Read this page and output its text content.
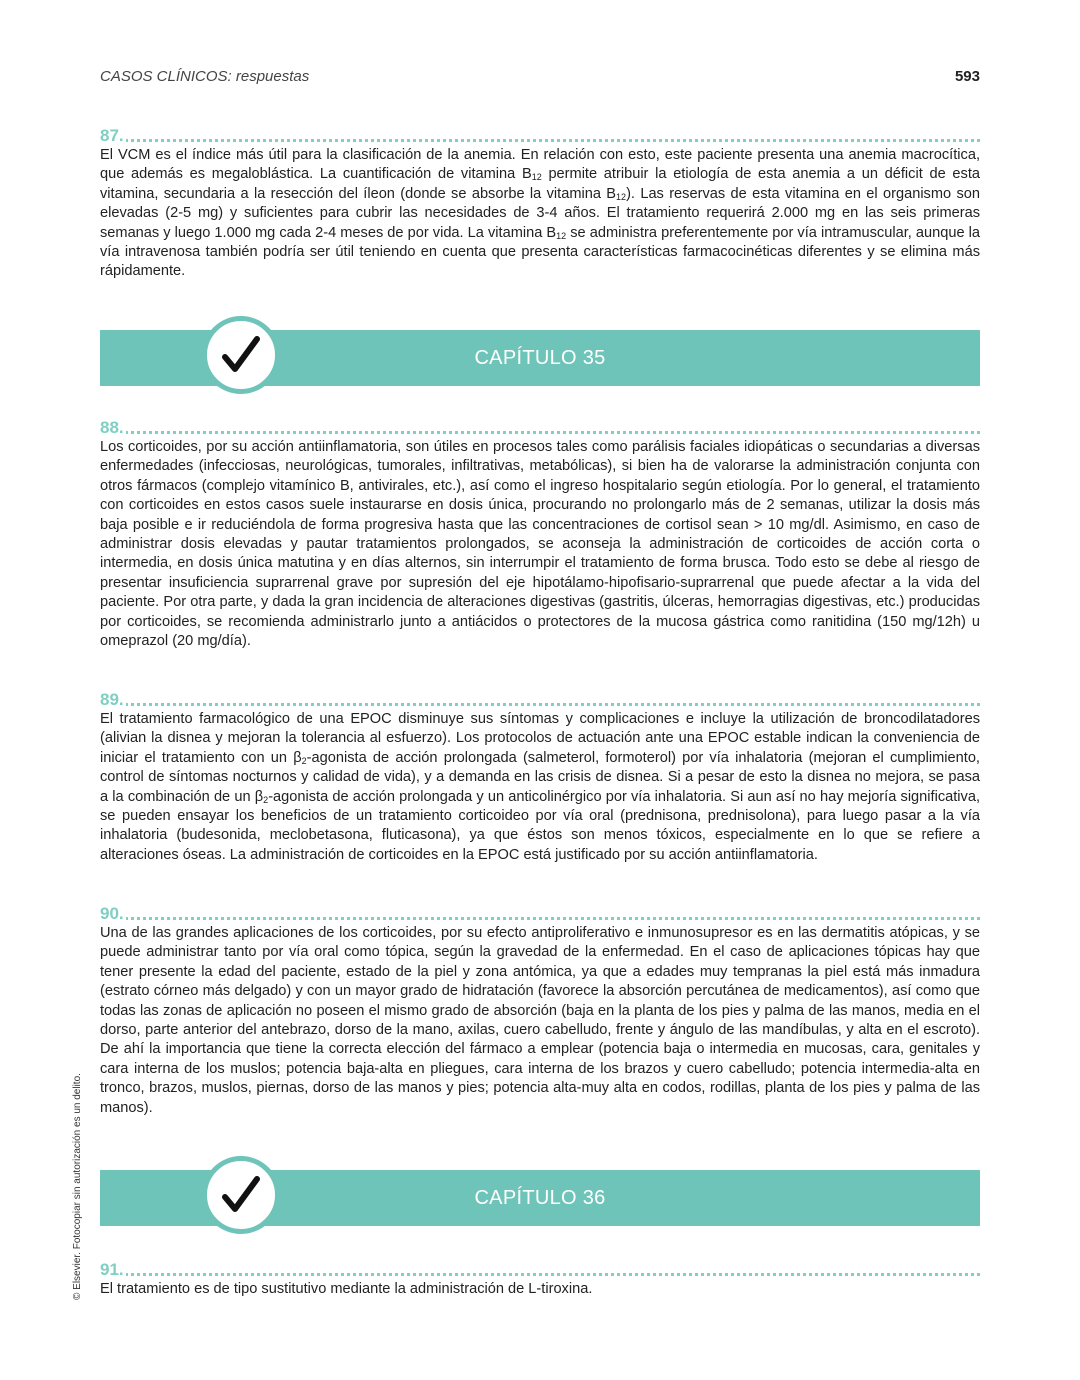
CASOS CLÍNICOS: respuestas	593
87.

El VCM es el índice más útil para la clasificación de la anemia. En relación con esto, este paciente presenta una anemia macrocítica, que además es megaloblástica. La cuantificación de vitamina $B_{12}$ permite atribuir la etiología de esta anemia a un déficit de esta vitamina, secundaria a la resección del íleon (donde se absorbe la vitamina $B_{12}$). Las reservas de esta vitamina en el organismo son elevadas (2-5 mg) y suficientes para cubrir las necesidades de 3-4 años. El tratamiento requerirá 2.000 mg en las seis primeras semanas y luego 1.000 mg cada 2-4 meses de por vida. La vitamina $B_{12}$ se administra preferentemente por vía intramuscular, aunque la vía intravenosa también podría ser útil teniendo en cuenta que presenta características farmacocinéticas diferentes y se elimina más rápidamente.

CAPÍTULO 35
88.

Los corticoides, por su acción antiinflamatoria, son útiles en procesos tales como parálisis faciales idiopáticas o secundarias a diversas enfermedades (infecciosas, neurológicas, tumorales, infiltrativas, metabólicas), si bien ha de valorarse la administración conjunta con otros fármacos (complejo vitamínico B, antivirales, etc.), así como el ingreso hospitalario según etiología. Por lo general, el tratamiento con corticoides en estos casos suele instaurarse en dosis única, procurando no prolongarlo más de 2 semanas, utilizar la dosis más baja posible e ir reduciéndola de forma progresiva hasta que las concentraciones de cortisol sean > 10 mg/dl. Asimismo, en caso de administrar dosis elevadas y pautar tratamientos prolongados, se aconseja la administración de corticoides de acción corta o intermedia, en dosis única matutina y en días alternos, sin interrumpir el tratamiento de forma brusca. Todo esto se debe al riesgo de presentar insuficiencia suprarrenal grave por supresión del eje hipotálamo-hipofisario-suprarrenal que puede afectar a la vida del paciente. Por otra parte, y dada la gran incidencia de alteraciones digestivas (gastritis, úlceras, hemorragias digestivas, etc.) producidas por corticoides, se recomienda administrarlo junto a antiácidos o protectores de la mucosa gástrica como ranitidina (150 mg/12h) u omeprazol (20 mg/día).

89.

El tratamiento farmacológico de una EPOC disminuye sus síntomas y complicaciones e incluye la utilización de broncodilatadores (alivian la disnea y mejoran la tolerancia al esfuerzo). Los protocolos de actuación ante una EPOC estable indican la conveniencia de iniciar el tratamiento con un $\beta_2$-agonista de acción prolongada (salmeterol, formoterol) por vía inhalatoria (mejoran el cumplimiento, control de síntomas nocturnos y calidad de vida), y a demanda en las crisis de disnea. Si a pesar de esto la disnea no mejora, se pasa a la combinación de un $\beta_2$-agonista de acción prolongada y un anticolinérgico por vía inhalatoria. Si aun así no hay mejoría significativa, se pueden ensayar los beneficios de un tratamiento corticoideo por vía oral (prednisona, prednisolona), para luego pasar a la vía inhalatoria (budesonida, meclobetasona, fluticasona), ya que éstos son menos tóxicos, especialmente en lo que se refiere a alteraciones óseas. La administración de corticoides en la EPOC está justificado por su acción antiinflamatoria.

90.

Una de las grandes aplicaciones de los corticoides, por su efecto antiproliferativo e inmunosupresor es en las dermatitis atópicas, y se puede administrar tanto por vía oral como tópica, según la gravedad de la enfermedad. En el caso de aplicaciones tópicas hay que tener presente la edad del paciente, estado de la piel y zona antómica, ya que a edades muy tempranas la piel está más inmadura (estrato córneo más delgado) y con un mayor grado de hidratación (favorece la absorción percutánea de medicamentos), así como que todas las zonas de aplicación no poseen el mismo grado de absorción (baja en la planta de los pies y palma de las manos, media en el dorso, parte anterior del antebrazo, dorso de la mano, axilas, cuero cabelludo, frente y ángulo de las mandíbulas, y alta en el escroto). De ahí la importancia que tiene la correcta elección del fármaco a emplear (potencia baja o intermedia en mucosas, cara, genitales y cara interna de los muslos; potencia baja-alta en pliegues, cara interna de los brazos y cuero cabelludo; potencia intermedia-alta en tronco, brazos, muslos, piernas, dorso de las manos y pies; potencia alta-muy alta en codos, rodillas, planta de los pies y palma de las manos).

CAPÍTULO 36
91.

El tratamiento es de tipo sustitutivo mediante la administración de L-tiroxina.

© Elsevier. Fotocopiar sin autorización es un delito.
